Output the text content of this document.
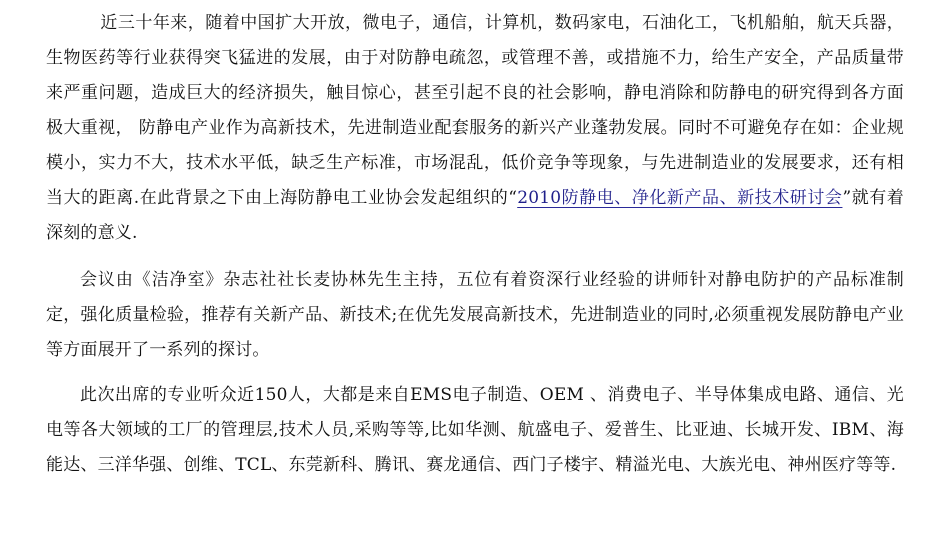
近三十年来，随着中国扩大开放，微电子，通信，计算机，数码家电，石油化工，飞机船舶，航天兵器，生物医药等行业获得突飞猛进的发展，由于对防静电疏忽，或管理不善，或措施不力，给生产安全，产品质量带来严重问题，造成巨大的经济损失，触目惊心，甚至引起不良的社会影响，静电消除和防静电的研究得到各方面极大重视， 防静电产业作为高新技术，先进制造业配套服务的新兴产业蓬勃发展。同时不可避免存在如：企业规模小，实力不大，技术水平低，缺乏生产标准，市场混乱，低价竞争等现象，与先进制造业的发展要求，还有相当大的距离.在此背景之下由上海防静电工业协会发起组织的“2010防静电、净化新产品、新技术研讨会”就有着深刻的意义.

会议由《洁净室》杂志社社长麦协林先生主持，五位有着资深行业经验的讲师针对静电防护的产品标准制定，强化质量检验，推荐有关新产品、新技术;在优先发展高新技术，先进制造业的同时,必须重视发展防静电产业等方面展开了一系列的探讨。

此次出席的专业听众近150人，大都是来自EMS电子制造、OEM 、消费电子、半导体集成电路、通信、光电等各大领域的工厂的管理层,技术人员,采购等等,比如华测、航盛电子、爱普生、比亚迪、长城开发、IBM、海能达、三洋华强、创维、TCL、东莞新科、腾讯、赛龙通信、西门子楼宇、精溢光电、大族光电、神州医疗等等.
